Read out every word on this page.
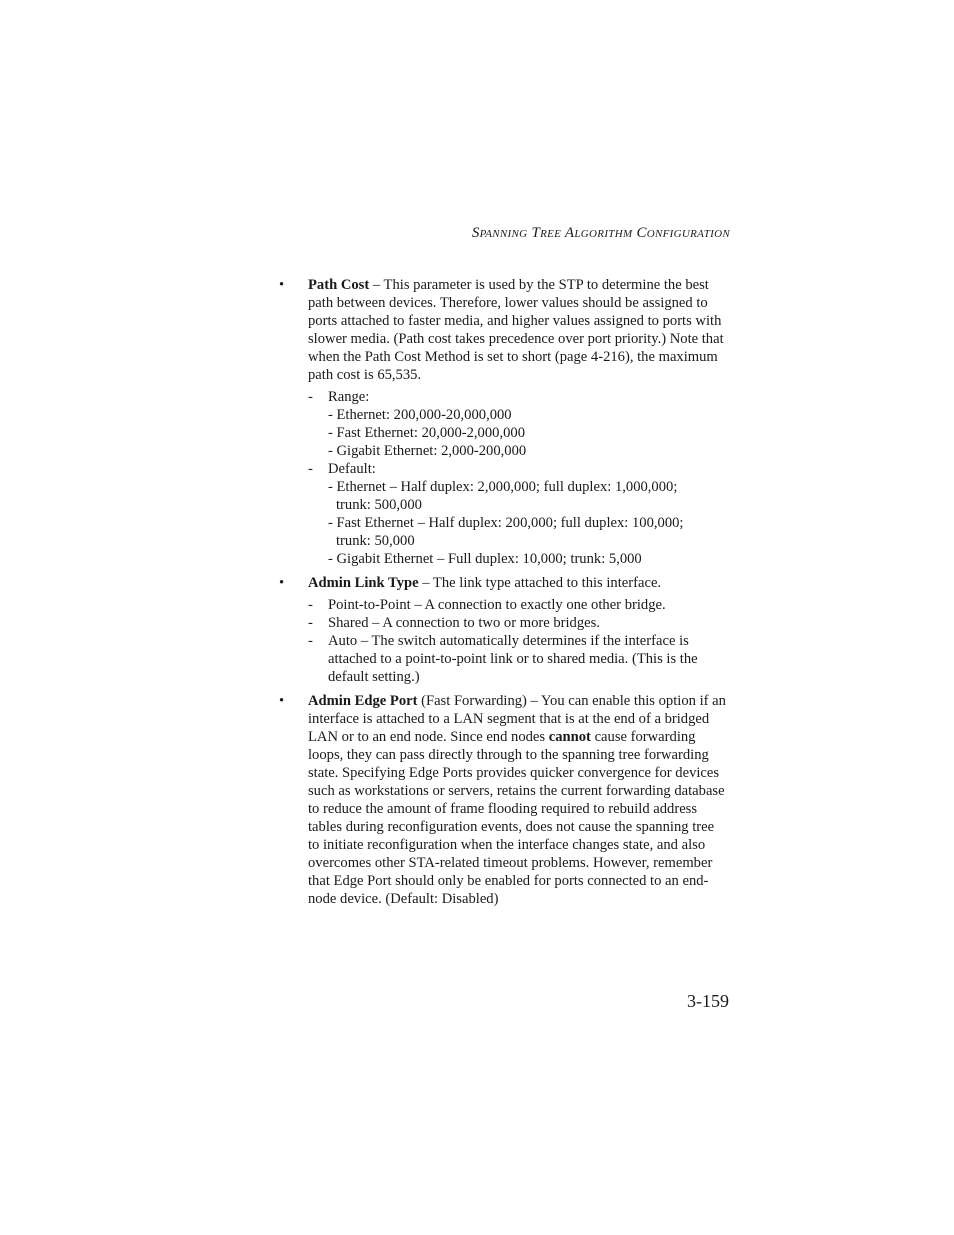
Spanning Tree Algorithm Configuration
• Path Cost – This parameter is used by the STP to determine the best path between devices. Therefore, lower values should be assigned to ports attached to faster media, and higher values assigned to ports with slower media. (Path cost takes precedence over port priority.) Note that when the Path Cost Method is set to short (page 4-216), the maximum path cost is 65,535.

- Range:
- Ethernet: 200,000-20,000,000
- Fast Ethernet: 20,000-2,000,000
- Gigabit Ethernet: 2,000-200,000
- Default:
- Ethernet – Half duplex: 2,000,000; full duplex: 1,000,000;
trunk: 500,000
- Fast Ethernet – Half duplex: 200,000; full duplex: 100,000;
trunk: 50,000
- Gigabit Ethernet – Full duplex: 10,000; trunk: 5,000
• Admin Link Type – The link type attached to this interface.

- Point-to-Point – A connection to exactly one other bridge.
- Shared – A connection to two or more bridges.
- Auto – The switch automatically determines if the interface is attached to a point-to-point link or to shared media. (This is the default setting.)
• Admin Edge Port (Fast Forwarding) – You can enable this option if an interface is attached to a LAN segment that is at the end of a bridged LAN or to an end node. Since end nodes cannot cause forwarding loops, they can pass directly through to the spanning tree forwarding state. Specifying Edge Ports provides quicker convergence for devices such as workstations or servers, retains the current forwarding database to reduce the amount of frame flooding required to rebuild address tables during reconfiguration events, does not cause the spanning tree to initiate reconfiguration when the interface changes state, and also overcomes other STA-related timeout problems. However, remember that Edge Port should only be enabled for ports connected to an end-node device. (Default: Disabled)

3-159
